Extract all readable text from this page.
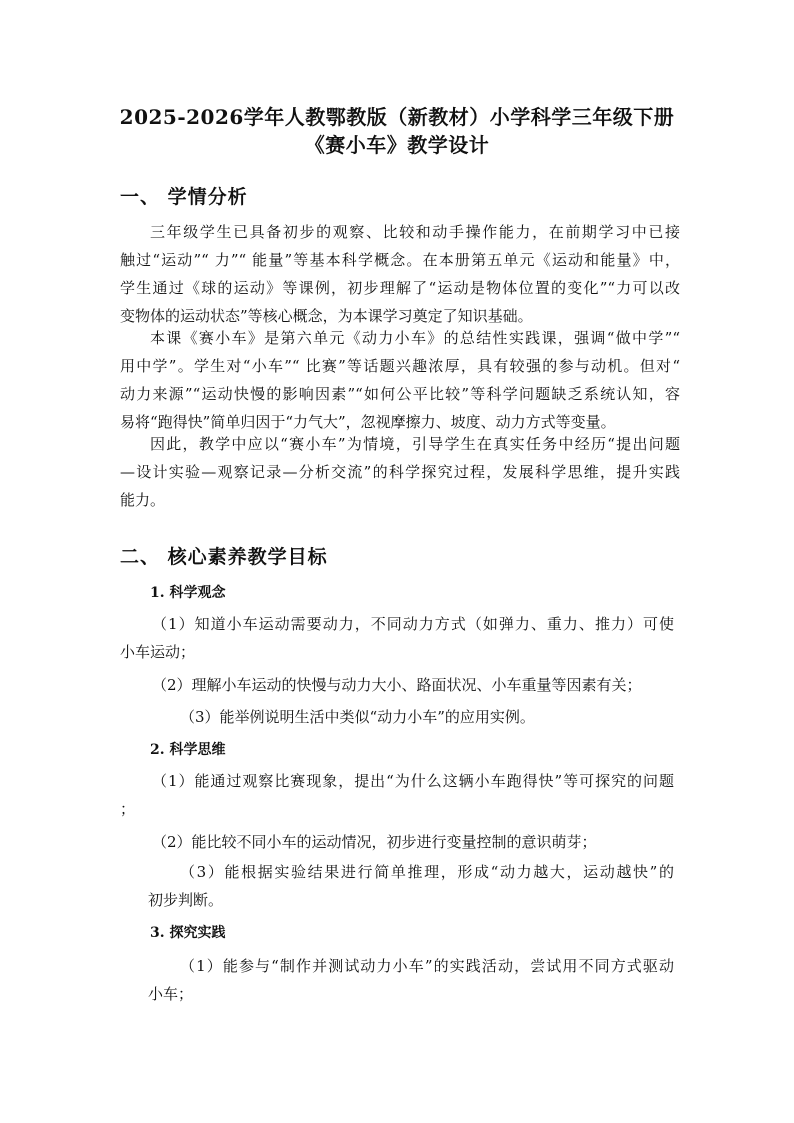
2025-2026学年人教鄂教版（新教材）小学科学三年级下册
《赛小车》教学设计
一、 学情分析
三年级学生已具备初步的观察、比较和动手操作能力，在前期学习中已接
触过“运动”“ 力”“ 能量”等基本科学概念。在本册第五单元《运动和能量》中，
学生通过《球的运动》等课例，初步理解了“运动是物体位置的变化”“力可以改
变物体的运动状态”等核心概念，为本课学习奠定了知识基础。
本课《赛小车》是第六单元《动力小车》的总结性实践课，强调“做中学”“
用中学”。学生对“小车”“ 比赛”等话题兴趣浓厚，具有较强的参与动机。但对“
动力来源”“运动快慢的影响因素”“如何公平比较”等科学问题缺乏系统认知，容
易将“跑得快”简单归因于“力气大”，忽视摩擦力、坡度、动力方式等变量。
因此，教学中应以“赛小车”为情境，引导学生在真实任务中经历“提出问题
—设计实验—观察记录—分析交流”的科学探究过程，发展科学思维，提升实践
能力。
二、 核心素养教学目标
1. 科学观念
（1）知道小车运动需要动力，不同动力方式（如弹力、重力、推力）可使
小车运动；
（2）理解小车运动的快慢与动力大小、路面状况、小车重量等因素有关；
（3）能举例说明生活中类似“动力小车”的应用实例。
2. 科学思维
（1）能通过观察比赛现象，提出“为什么这辆小车跑得快”等可探究的问题
；
（2）能比较不同小车的运动情况，初步进行变量控制的意识萌芽；
（3）能根据实验结果进行简单推理，形成“动力越大，运动越快”的
初步判断。
3. 探究实践
（1）能参与“制作并测试动力小车”的实践活动，尝试用不同方式驱动
小车；
